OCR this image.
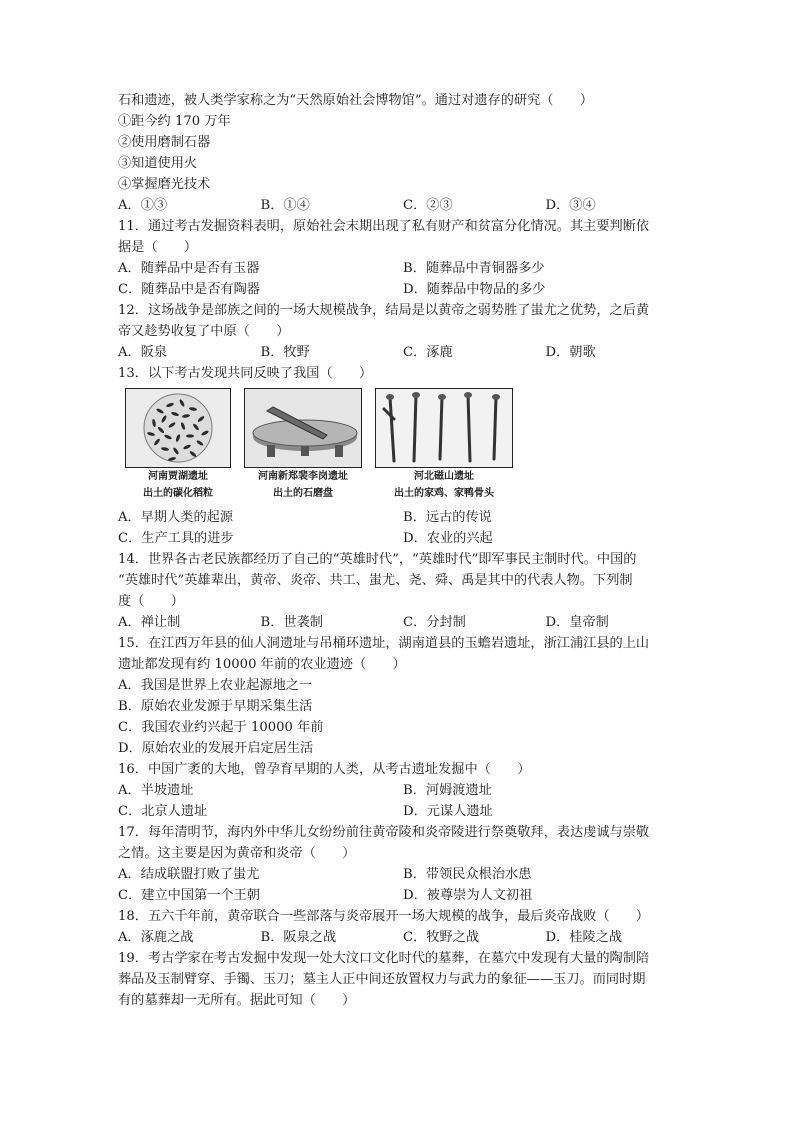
石和遗迹，被人类学家称之为“天然原始社会博物馆”。通过对遗存的研究（　　）
①距今约 170 万年
②使用磨制石器
③知道使用火
④掌握磨光技术
A．①③	B．①④	C．②③	D．③④
11．通过考古发掘资料表明，原始社会末期出现了私有财产和贫富分化情况。其主要判断依
据是（　　）
A．随葬品中是否有玉器	B．随葬品中青铜器多少
C．随葬品中是否有陶器	D．随葬品中物品的多少
12．这场战争是部族之间的一场大规模战争，结局是以黄帝之弱势胜了蚩尤之优势，之后黄
帝又趁势收复了中原（　　）
A．阪泉	B．牧野	C．涿鹿	D．朝歌
13．以下考古发现共同反映了我国（　　）
河南贾湖遗址
出土的碳化稻粒
河南新郑裴李岗遗址
出土的石磨盘
河北磁山遗址
出土的家鸡、家鸭骨头
A．早期人类的起源	B．远古的传说
C．生产工具的进步	D．农业的兴起
14．世界各古老民族都经历了自己的“英雄时代”，“英雄时代”即军事民主制时代。中国的
“英雄时代”英雄辈出，黄帝、炎帝、共工、蚩尤、尧、舜、禹是其中的代表人物。下列制
度（　　）
A．禅让制	B．世袭制	C．分封制	D．皇帝制
15．在江西万年县的仙人洞遗址与吊桶环遗址，湖南道县的玉蟾岩遗址，浙江浦江县的上山
遗址都发现有约 10000 年前的农业遗迹（　　）
A．我国是世界上农业起源地之一
B．原始农业发源于早期采集生活
C．我国农业约兴起于 10000 年前
D．原始农业的发展开启定居生活
16．中国广袤的大地，曾孕育早期的人类，从考古遗址发掘中（　　）
A．半坡遗址	B．河姆渡遗址
C．北京人遗址	D．元谋人遗址
17．每年清明节，海内外中华儿女纷纷前往黄帝陵和炎帝陵进行祭奠敬拜，表达虔诚与崇敬
之情。这主要是因为黄帝和炎帝（　　）
A．结成联盟打败了蚩尤	B．带领民众根治水患
C．建立中国第一个王朝	D．被尊崇为人文初祖
18．五六千年前，黄帝联合一些部落与炎帝展开一场大规模的战争，最后炎帝战败（　　）
A．涿鹿之战	B．阪泉之战	C．牧野之战	D．桂陵之战
19．考古学家在考古发掘中发现一处大汶口文化时代的墓葬，在墓穴中发现有大量的陶制陪
葬品及玉制臂穿、手镯、玉刀；墓主人正中间还放置权力与武力的象征——玉刀。而同时期
有的墓葬却一无所有。据此可知（　　）
